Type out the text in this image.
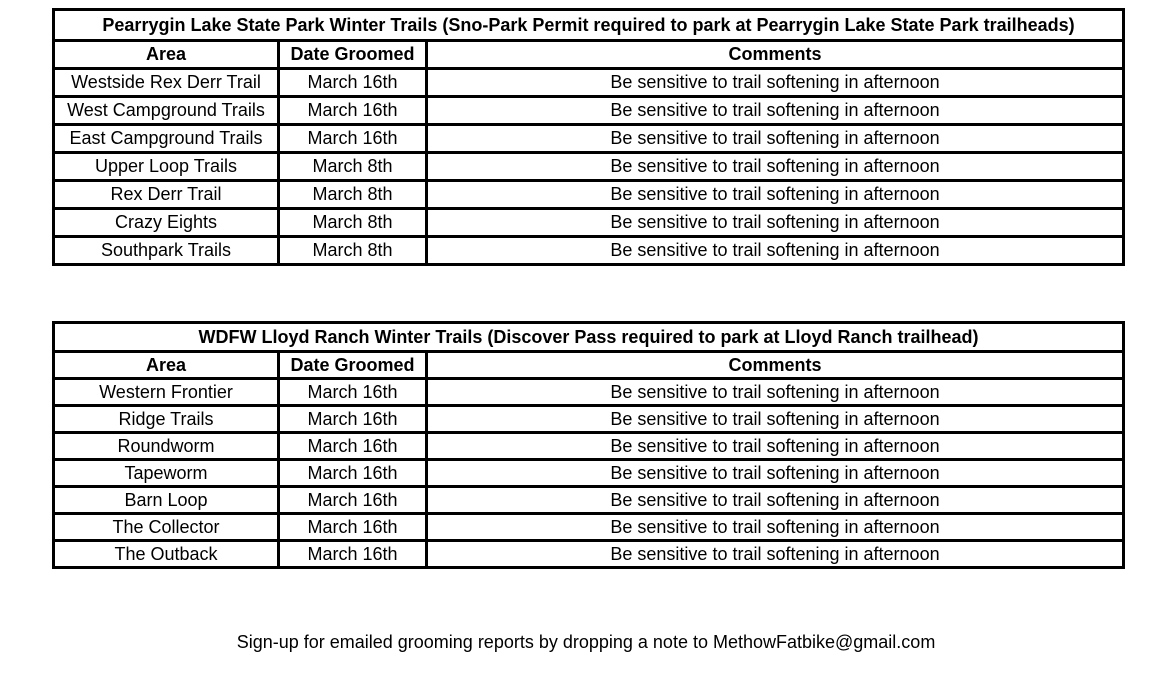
Pearrygin Lake State Park Winter Trails (Sno-Park Permit required to park at Pearrygin Lake State Park trailheads)		
Area	Date Groomed	Comments
Westside Rex Derr Trail	March 16th	Be sensitive to trail softening in afternoon
West Campground Trails	March 16th	Be sensitive to trail softening in afternoon
East Campground Trails	March 16th	Be sensitive to trail softening in afternoon
Upper Loop Trails	March 8th	Be sensitive to trail softening in afternoon
Rex Derr Trail	March 8th	Be sensitive to trail softening in afternoon
Crazy Eights	March 8th	Be sensitive to trail softening in afternoon
Southpark Trails	March 8th	Be sensitive to trail softening in afternoon
WDFW Lloyd Ranch Winter Trails (Discover Pass required to park at Lloyd Ranch trailhead)		
Area	Date Groomed	Comments
Western Frontier	March 16th	Be sensitive to trail softening in afternoon
Ridge Trails	March 16th	Be sensitive to trail softening in afternoon
Roundworm	March 16th	Be sensitive to trail softening in afternoon
Tapeworm	March 16th	Be sensitive to trail softening in afternoon
Barn Loop	March 16th	Be sensitive to trail softening in afternoon
The Collector	March 16th	Be sensitive to trail softening in afternoon
The Outback	March 16th	Be sensitive to trail softening in afternoon
Sign-up for emailed grooming reports by dropping a note to MethowFatbike@gmail.com
